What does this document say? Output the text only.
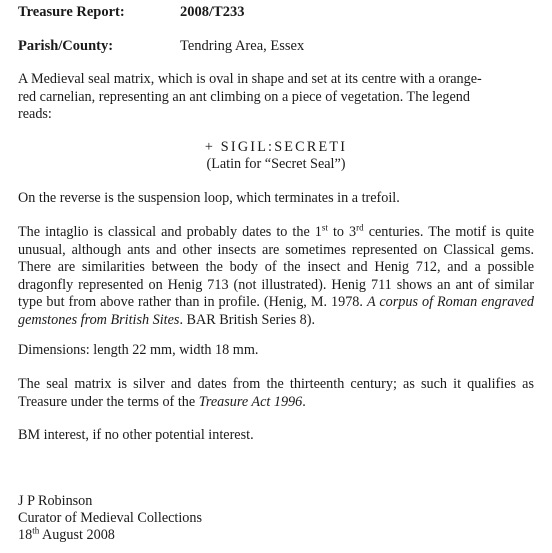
Treasure Report:	2008/T233
Parish/County:	Tendring Area, Essex
A Medieval seal matrix, which is oval in shape and set at its centre with a orange-
red carnelian, representing an ant climbing on a piece of vegetation. The legend
reads:
+ SIGIL:SECRETI
(Latin for “Secret Seal”)
On the reverse is the suspension loop, which terminates in a trefoil.
The intaglio is classical and probably dates to the 1st to 3rd centuries. The motif is quite unusual, although ants and other insects are sometimes represented on Classical gems. There are similarities between the body of the insect and Henig 712, and a possible dragonfly represented on Henig 713 (not illustrated). Henig 711 shows an ant of similar type but from above rather than in profile. (Henig, M. 1978. A corpus of Roman engraved gemstones from British Sites. BAR British Series 8).
Dimensions: length 22 mm, width 18 mm.
The seal matrix is silver and dates from the thirteenth century; as such it qualifies as Treasure under the terms of the Treasure Act 1996.
BM interest, if no other potential interest.
J P Robinson
Curator of Medieval Collections
18th August 2008
